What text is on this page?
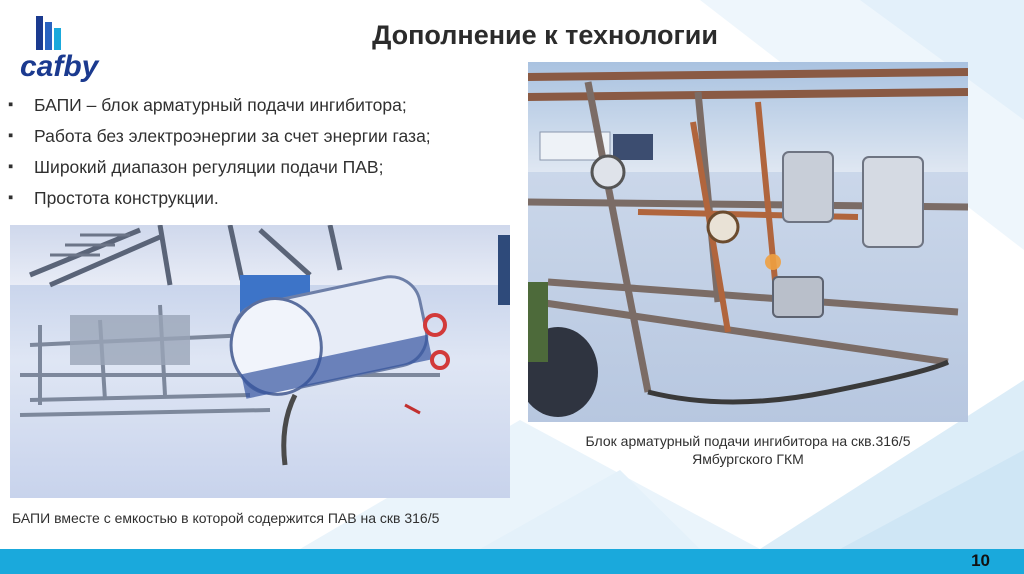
cafby
Дополнение к технологии
▪ БАПИ – блок арматурный подачи ингибитора;
▪ Работа без электроэнергии за счет энергии газа;
▪ Широкий диапазон регуляции подачи ПАВ;
▪ Простота конструкции.
БАПИ вместе с емкостью в которой содержится ПАВ на скв 316/5
Блок арматурный подачи ингибитора на скв.316/5
Ямбургского ГКМ
10
